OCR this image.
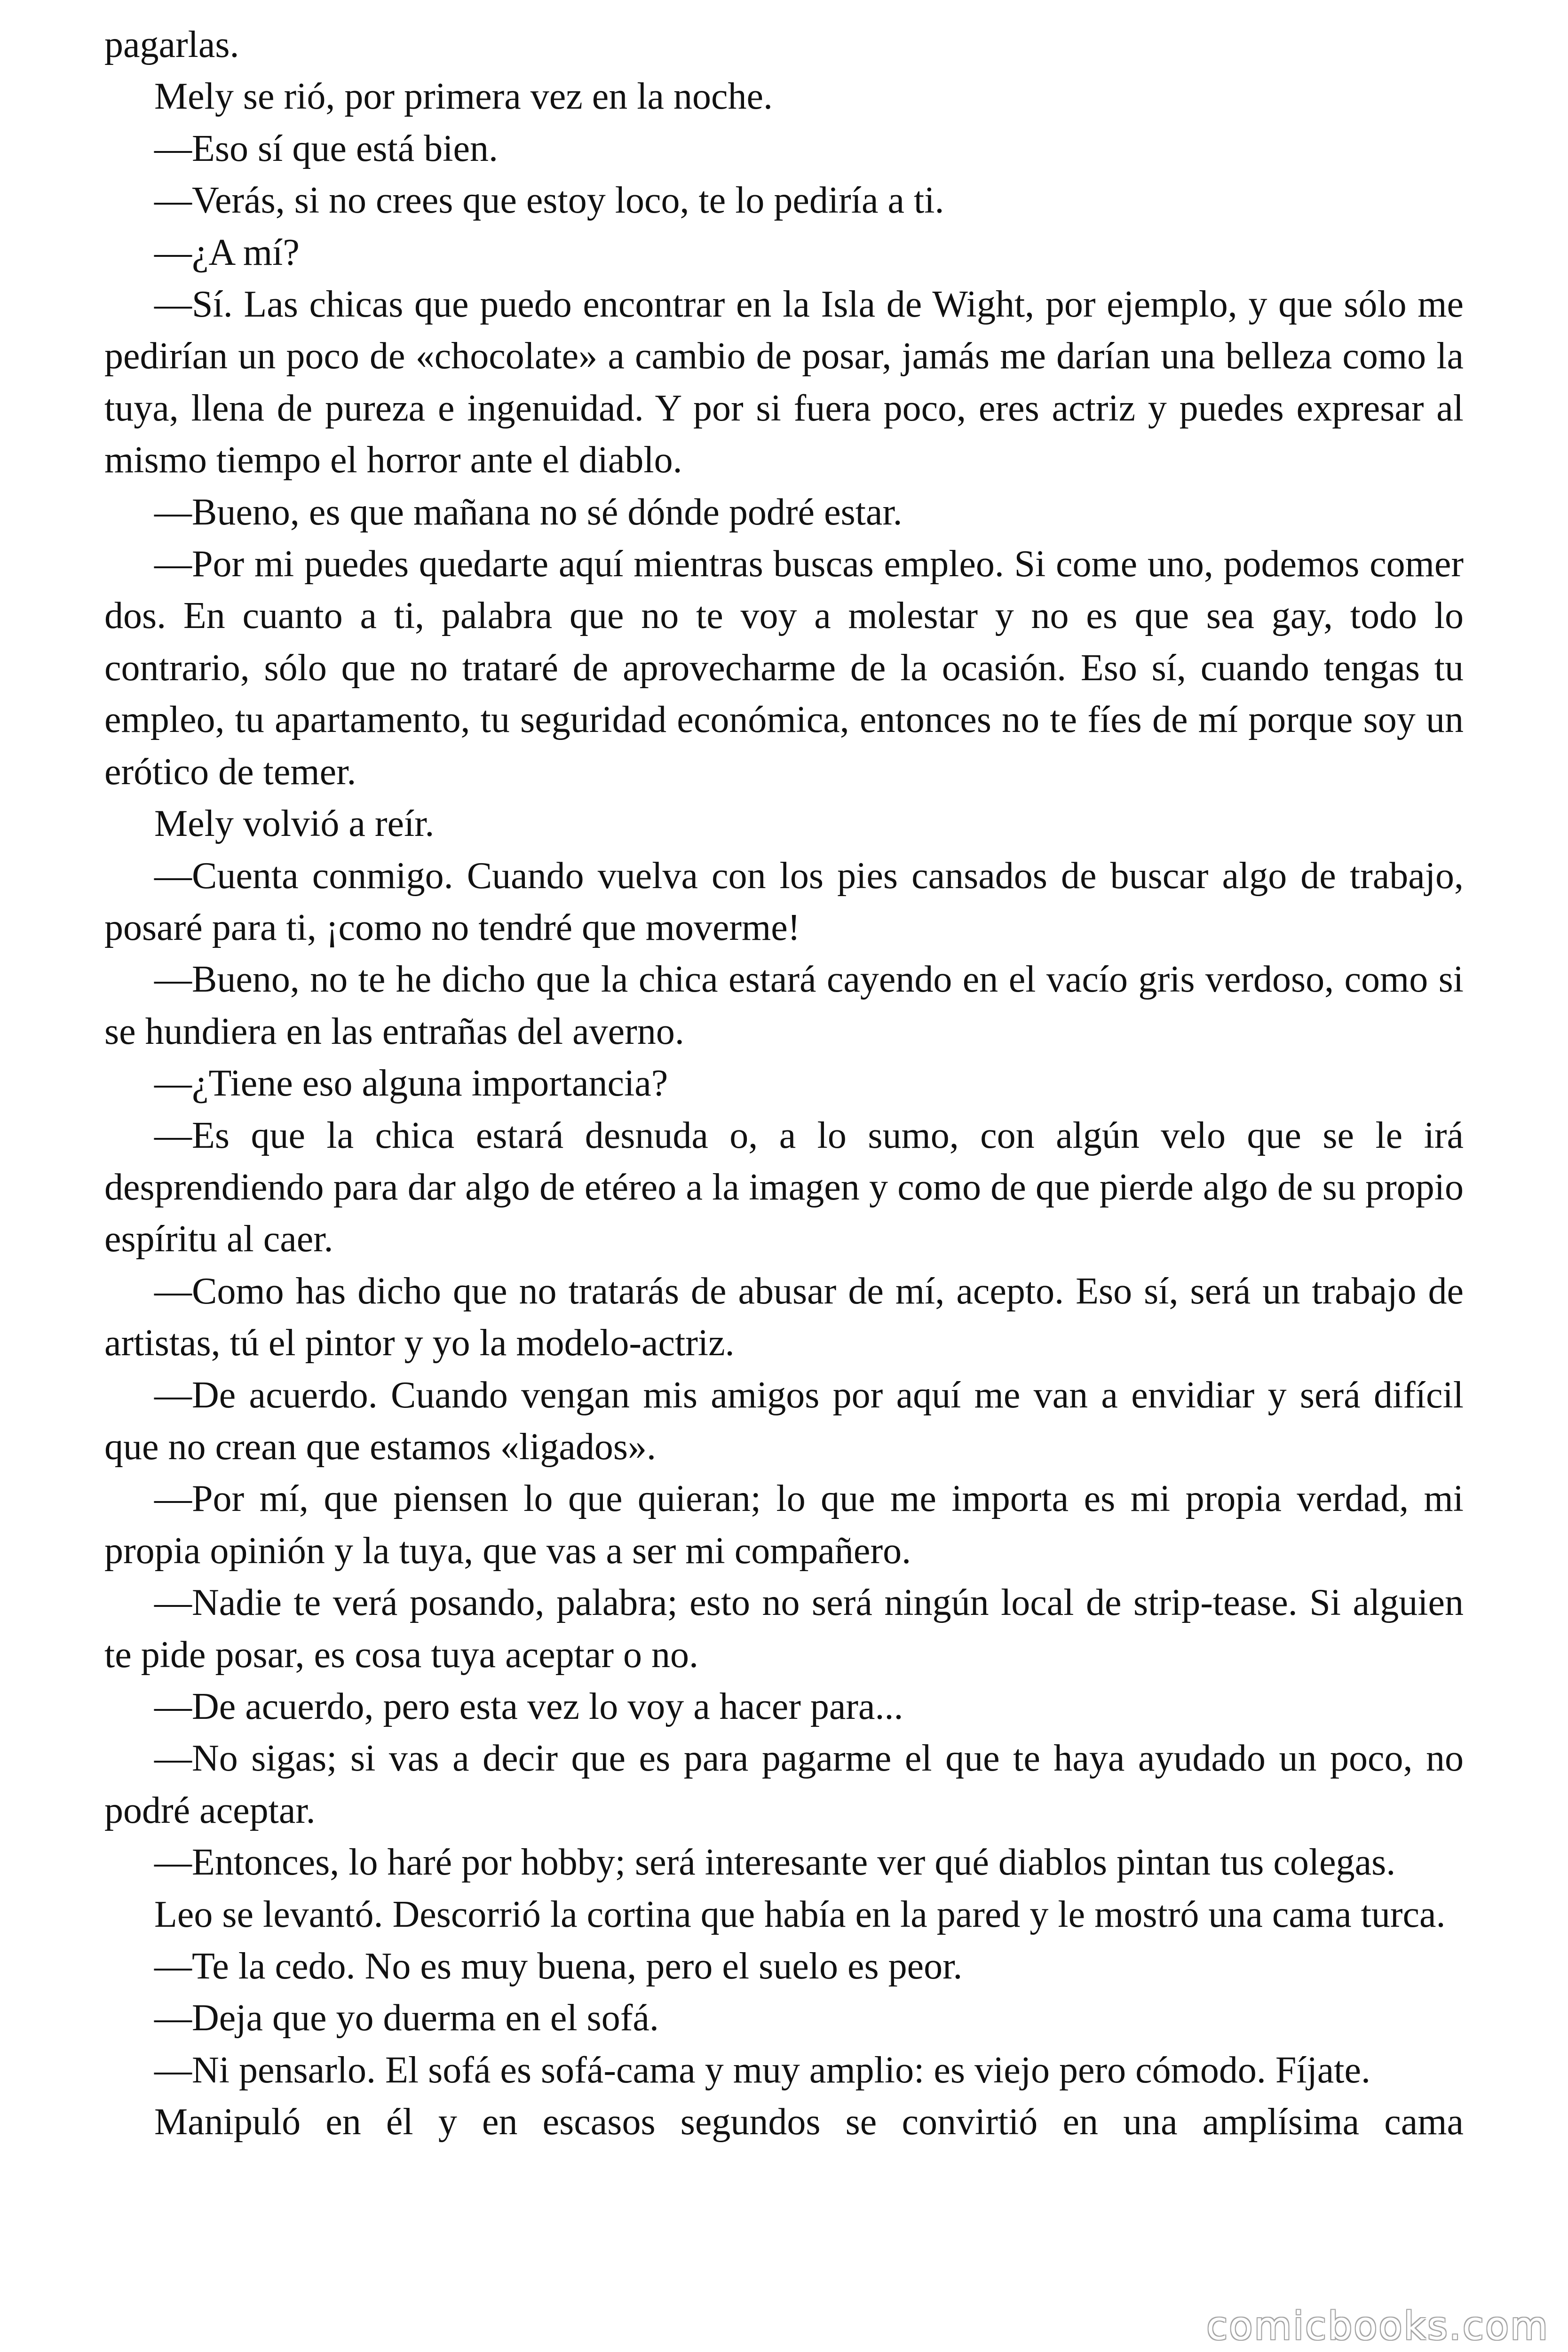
pagarlas.

Mely se rió, por primera vez en la noche.

—Eso sí que está bien.

—Verás, si no crees que estoy loco, te lo pediría a ti.

—¿A mí?

—Sí. Las chicas que puedo encontrar en la Isla de Wight, por ejemplo, y que sólo me pedirían un poco de «chocolate» a cambio de posar, jamás me darían una belleza como la tuya, llena de pureza e ingenuidad. Y por si fuera poco, eres actriz y puedes expresar al mismo tiempo el horror ante el diablo.

—Bueno, es que mañana no sé dónde podré estar.

—Por mi puedes quedarte aquí mientras buscas empleo. Si come uno, podemos comer dos. En cuanto a ti, palabra que no te voy a molestar y no es que sea gay, todo lo contrario, sólo que no trataré de aprovecharme de la ocasión. Eso sí, cuando tengas tu empleo, tu apartamento, tu seguridad económica, entonces no te fíes de mí porque soy un erótico de temer.

Mely volvió a reír.

—Cuenta conmigo. Cuando vuelva con los pies cansados de buscar algo de trabajo, posaré para ti, ¡como no tendré que moverme!

—Bueno, no te he dicho que la chica estará cayendo en el vacío gris verdoso, como si se hundiera en las entrañas del averno.

—¿Tiene eso alguna importancia?

—Es que la chica estará desnuda o, a lo sumo, con algún velo que se le irá desprendiendo para dar algo de etéreo a la imagen y como de que pierde algo de su propio espíritu al caer.

—Como has dicho que no tratarás de abusar de mí, acepto. Eso sí, será un trabajo de artistas, tú el pintor y yo la modelo-actriz.

—De acuerdo. Cuando vengan mis amigos por aquí me van a envidiar y será difícil que no crean que estamos «ligados».

—Por mí, que piensen lo que quieran; lo que me importa es mi propia verdad, mi propia opinión y la tuya, que vas a ser mi compañero.

—Nadie te verá posando, palabra; esto no será ningún local de strip-tease. Si alguien te pide posar, es cosa tuya aceptar o no.

—De acuerdo, pero esta vez lo voy a hacer para...

—No sigas; si vas a decir que es para pagarme el que te haya ayudado un poco, no podré aceptar.

—Entonces, lo haré por hobby; será interesante ver qué diablos pintan tus colegas.

Leo se levantó. Descorrió la cortina que había en la pared y le mostró una cama turca.

—Te la cedo. No es muy buena, pero el suelo es peor.

—Deja que yo duerma en el sofá.

—Ni pensarlo. El sofá es sofá-cama y muy amplio: es viejo pero cómodo. Fíjate.

Manipuló en él y en escasos segundos se convirtió en una amplísima cama

comicbooks.com
